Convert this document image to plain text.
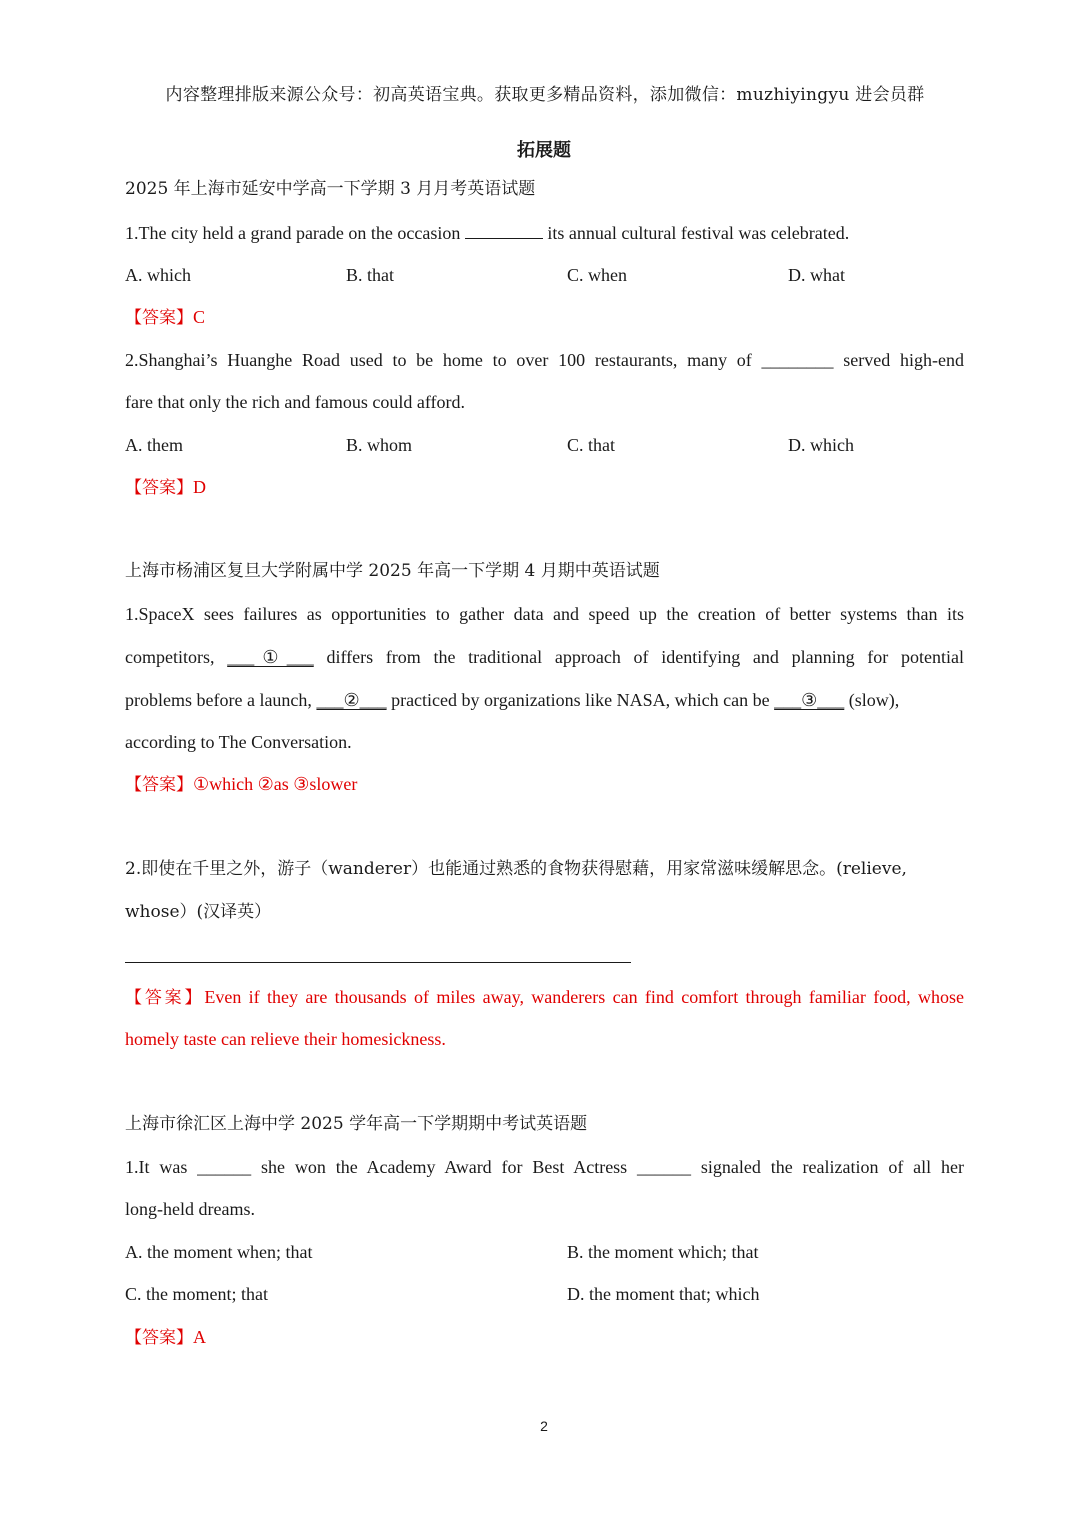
内容整理排版来源公众号：初高英语宝典。获取更多精品资料，添加微信：muzhiyingyu 进会员群
拓展题
2025 年上海市延安中学高一下学期 3 月月考英语试题
1.The city held a grand parade on the occasion	its annual cultural festival was celebrated.
A. which	B. that	C. when	D. what
【答案】C
2.Shanghai’s Huanghe Road used to be home to over 100 restaurants, many of ________ served high-end
fare that only the rich and famous could afford.
A. them	B. whom	C. that	D. which
【答案】D
上海市杨浦区复旦大学附属中学 2025 年高一下学期 4 月期中英语试题
1.SpaceX sees failures as opportunities to gather data and speed up the creation of better systems than its
competitors, ___①___ differs from the traditional approach of identifying and planning for potential
problems before a launch, ___②___ practiced by organizations like NASA, which can be ___③___ (slow),
according to The Conversation.
【答案】①which ②as ③slower
2.即使在千里之外，游子（wanderer）也能通过熟悉的食物获得慰藉，用家常滋味缓解思念。(relieve,
whose）(汉译英）
【答案】Even if they are thousands of miles away, wanderers can find comfort through familiar food, whose
homely taste can relieve their homesickness.
上海市徐汇区上海中学 2025 学年高一下学期期中考试英语题
1.It was ______ she won the Academy Award for Best Actress ______ signaled the realization of all her
long-held dreams.
A. the moment when; that	B. the moment which; that
C. the moment; that	D. the moment that; which
【答案】A
2
